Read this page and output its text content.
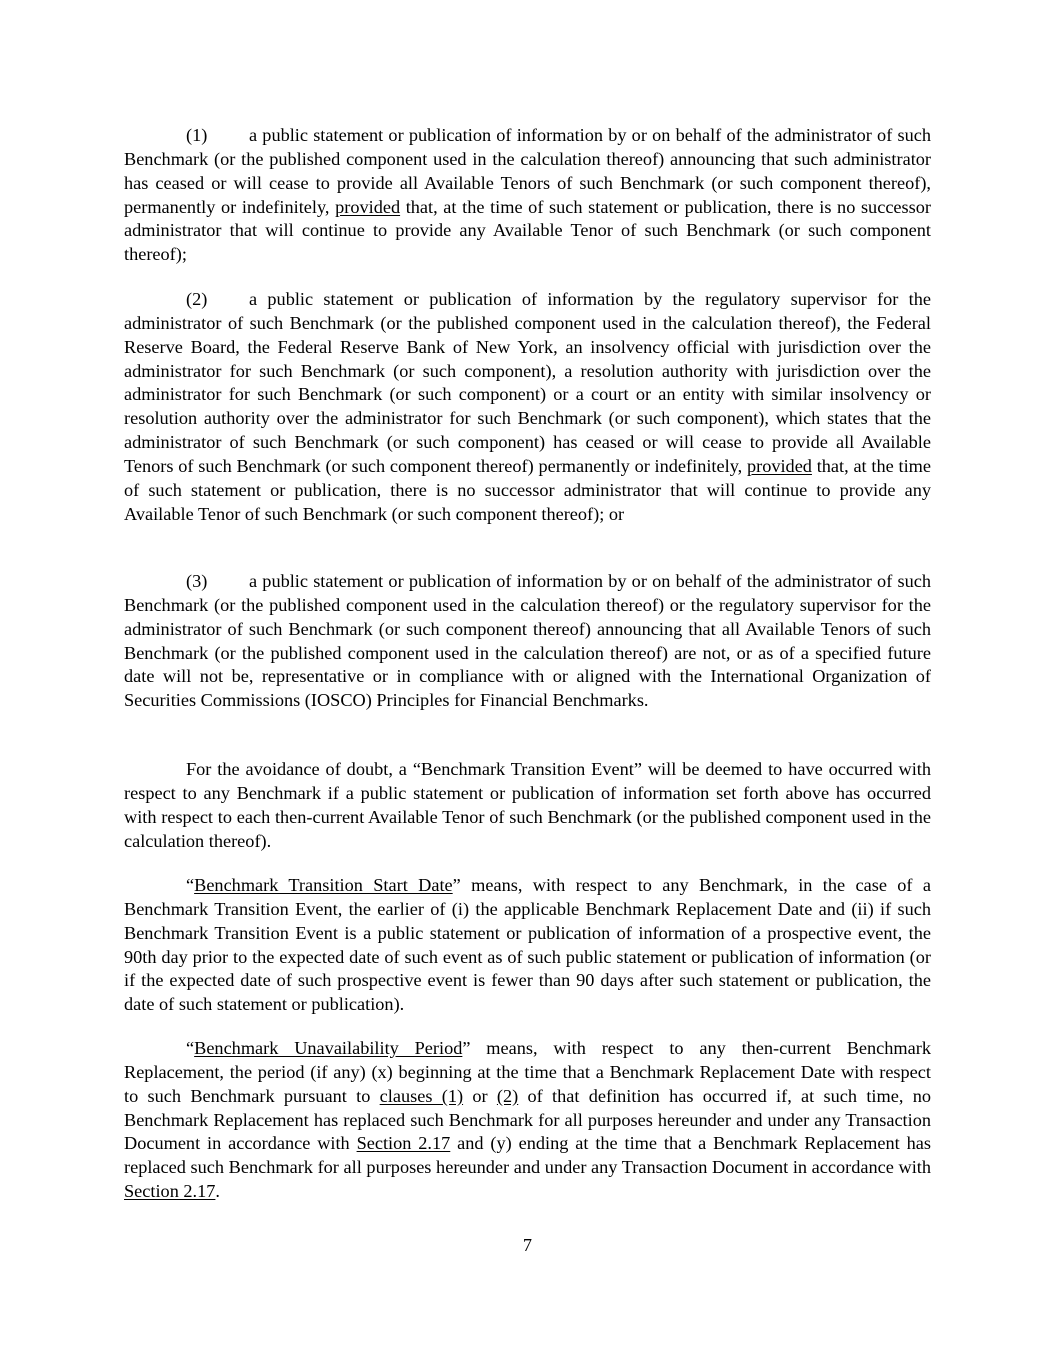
(1) a public statement or publication of information by or on behalf of the administrator of such Benchmark (or the published component used in the calculation thereof) announcing that such administrator has ceased or will cease to provide all Available Tenors of such Benchmark (or such component thereof), permanently or indefinitely, provided that, at the time of such statement or publication, there is no successor administrator that will continue to provide any Available Tenor of such Benchmark (or such component thereof);

(2) a public statement or publication of information by the regulatory supervisor for the administrator of such Benchmark (or the published component used in the calculation thereof), the Federal Reserve Board, the Federal Reserve Bank of New York, an insolvency official with jurisdiction over the administrator for such Benchmark (or such component), a resolution authority with jurisdiction over the administrator for such Benchmark (or such component) or a court or an entity with similar insolvency or resolution authority over the administrator for such Benchmark (or such component), which states that the administrator of such Benchmark (or such component) has ceased or will cease to provide all Available Tenors of such Benchmark (or such component thereof) permanently or indefinitely, provided that, at the time of such statement or publication, there is no successor administrator that will continue to provide any Available Tenor of such Benchmark (or such component thereof); or

(3) a public statement or publication of information by or on behalf of the administrator of such Benchmark (or the published component used in the calculation thereof) or the regulatory supervisor for the administrator of such Benchmark (or such component thereof) announcing that all Available Tenors of such Benchmark (or the published component used in the calculation thereof) are not, or as of a specified future date will not be, representative or in compliance with or aligned with the International Organization of Securities Commissions (IOSCO) Principles for Financial Benchmarks.

For the avoidance of doubt, a “Benchmark Transition Event” will be deemed to have occurred with respect to any Benchmark if a public statement or publication of information set forth above has occurred with respect to each then-current Available Tenor of such Benchmark (or the published component used in the calculation thereof).

“Benchmark Transition Start Date” means, with respect to any Benchmark, in the case of a Benchmark Transition Event, the earlier of (i) the applicable Benchmark Replacement Date and (ii) if such Benchmark Transition Event is a public statement or publication of information of a prospective event, the 90th day prior to the expected date of such event as of such public statement or publication of information (or if the expected date of such prospective event is fewer than 90 days after such statement or publication, the date of such statement or publication).

“Benchmark Unavailability Period” means, with respect to any then-current Benchmark Replacement, the period (if any) (x) beginning at the time that a Benchmark Replacement Date with respect to such Benchmark pursuant to clauses (1) or (2) of that definition has occurred if, at such time, no Benchmark Replacement has replaced such Benchmark for all purposes hereunder and under any Transaction Document in accordance with Section 2.17 and (y) ending at the time that a Benchmark Replacement has replaced such Benchmark for all purposes hereunder and under any Transaction Document in accordance with Section 2.17.

7
